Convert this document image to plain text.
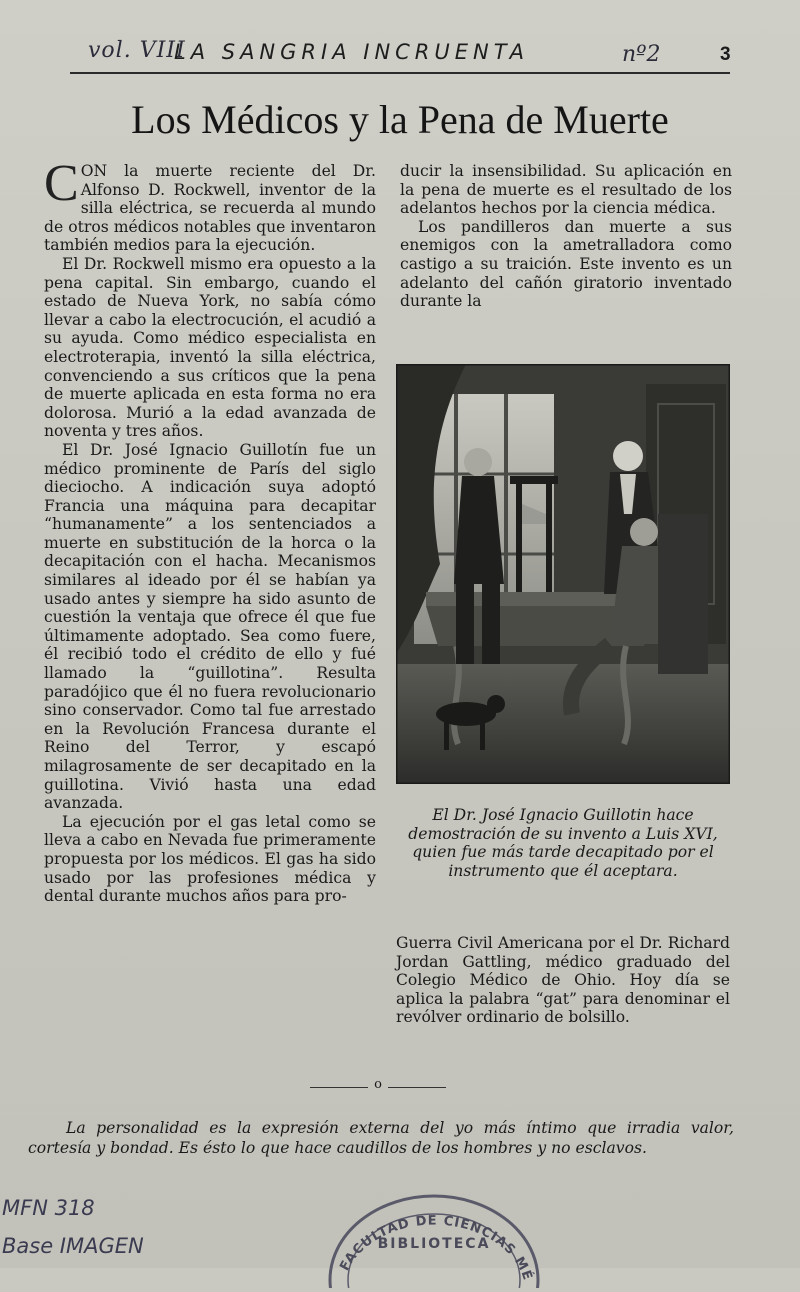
vol. VIII
LA SANGRIA INCRUENTA	nº2	3
Los Médicos y la Pena de Muerte

CON la muerte reciente del Dr. Alfonso D. Rockwell, inventor de la silla eléctrica, se recuerda al mundo de otros médicos notables que inventaron también medios para la ejecución.

El Dr. Rockwell mismo era opuesto a la pena capital. Sin embargo, cuando el estado de Nueva York, no sabía cómo llevar a cabo la electrocución, el acudió a su ayuda. Como médico especialista en electroterapia, inventó la silla eléctrica, convenciendo a sus críticos que la pena de muerte aplicada en esta forma no era dolorosa. Murió a la edad avanzada de noventa y tres años.

El Dr. José Ignacio Guillotín fue un médico prominente de París del siglo dieciocho. A indicación suya adoptó Francia una máquina para decapitar “humanamente” a los sentenciados a muerte en substitución de la horca o la decapitación con el hacha. Mecanismos similares al ideado por él se habían ya usado antes y siempre ha sido asunto de cuestión la ventaja que ofrece él que fue últimamente adoptado. Sea como fuere, él recibió todo el crédito de ello y fué llamado la “guillotina”. Resulta paradójico que él no fuera revolucionario sino conservador. Como tal fue arrestado en la Revolución Francesa durante el Reino del Terror, y escapó milagrosamente de ser decapitado en la guillotina. Vivió hasta una edad avanzada.

La ejecución por el gas letal como se lleva a cabo en Nevada fue primeramente propuesta por los médicos. El gas ha sido usado por las profesiones médica y dental durante muchos años para pro-

ducir la insensibilidad. Su aplicación en la pena de muerte es el resultado de los adelantos hechos por la ciencia médica.

Los pandilleros dan muerte a sus enemigos con la ametralladora como castigo a su traición. Este invento es un adelanto del cañón giratorio inventado durante la

El Dr. José Ignacio Guillotin hace demostración de su invento a Luis XVI, quien fue más tarde decapitado por el instrumento que él aceptara.

Guerra Civil Americana por el Dr. Richard Jordan Gattling, médico graduado del Colegio Médico de Ohio. Hoy día se aplica la palabra “gat” para denominar el revólver ordinario de bolsillo.

o
La personalidad es la expresión externa del yo más íntimo que irradia valor, cortesía y bondad. Es ésto lo que hace caudillos de los hombres y no esclavos.
MFN 318
Base IMAGEN
FACULTAD DE CIENCIAS MÉ
BIBLIOTECA
